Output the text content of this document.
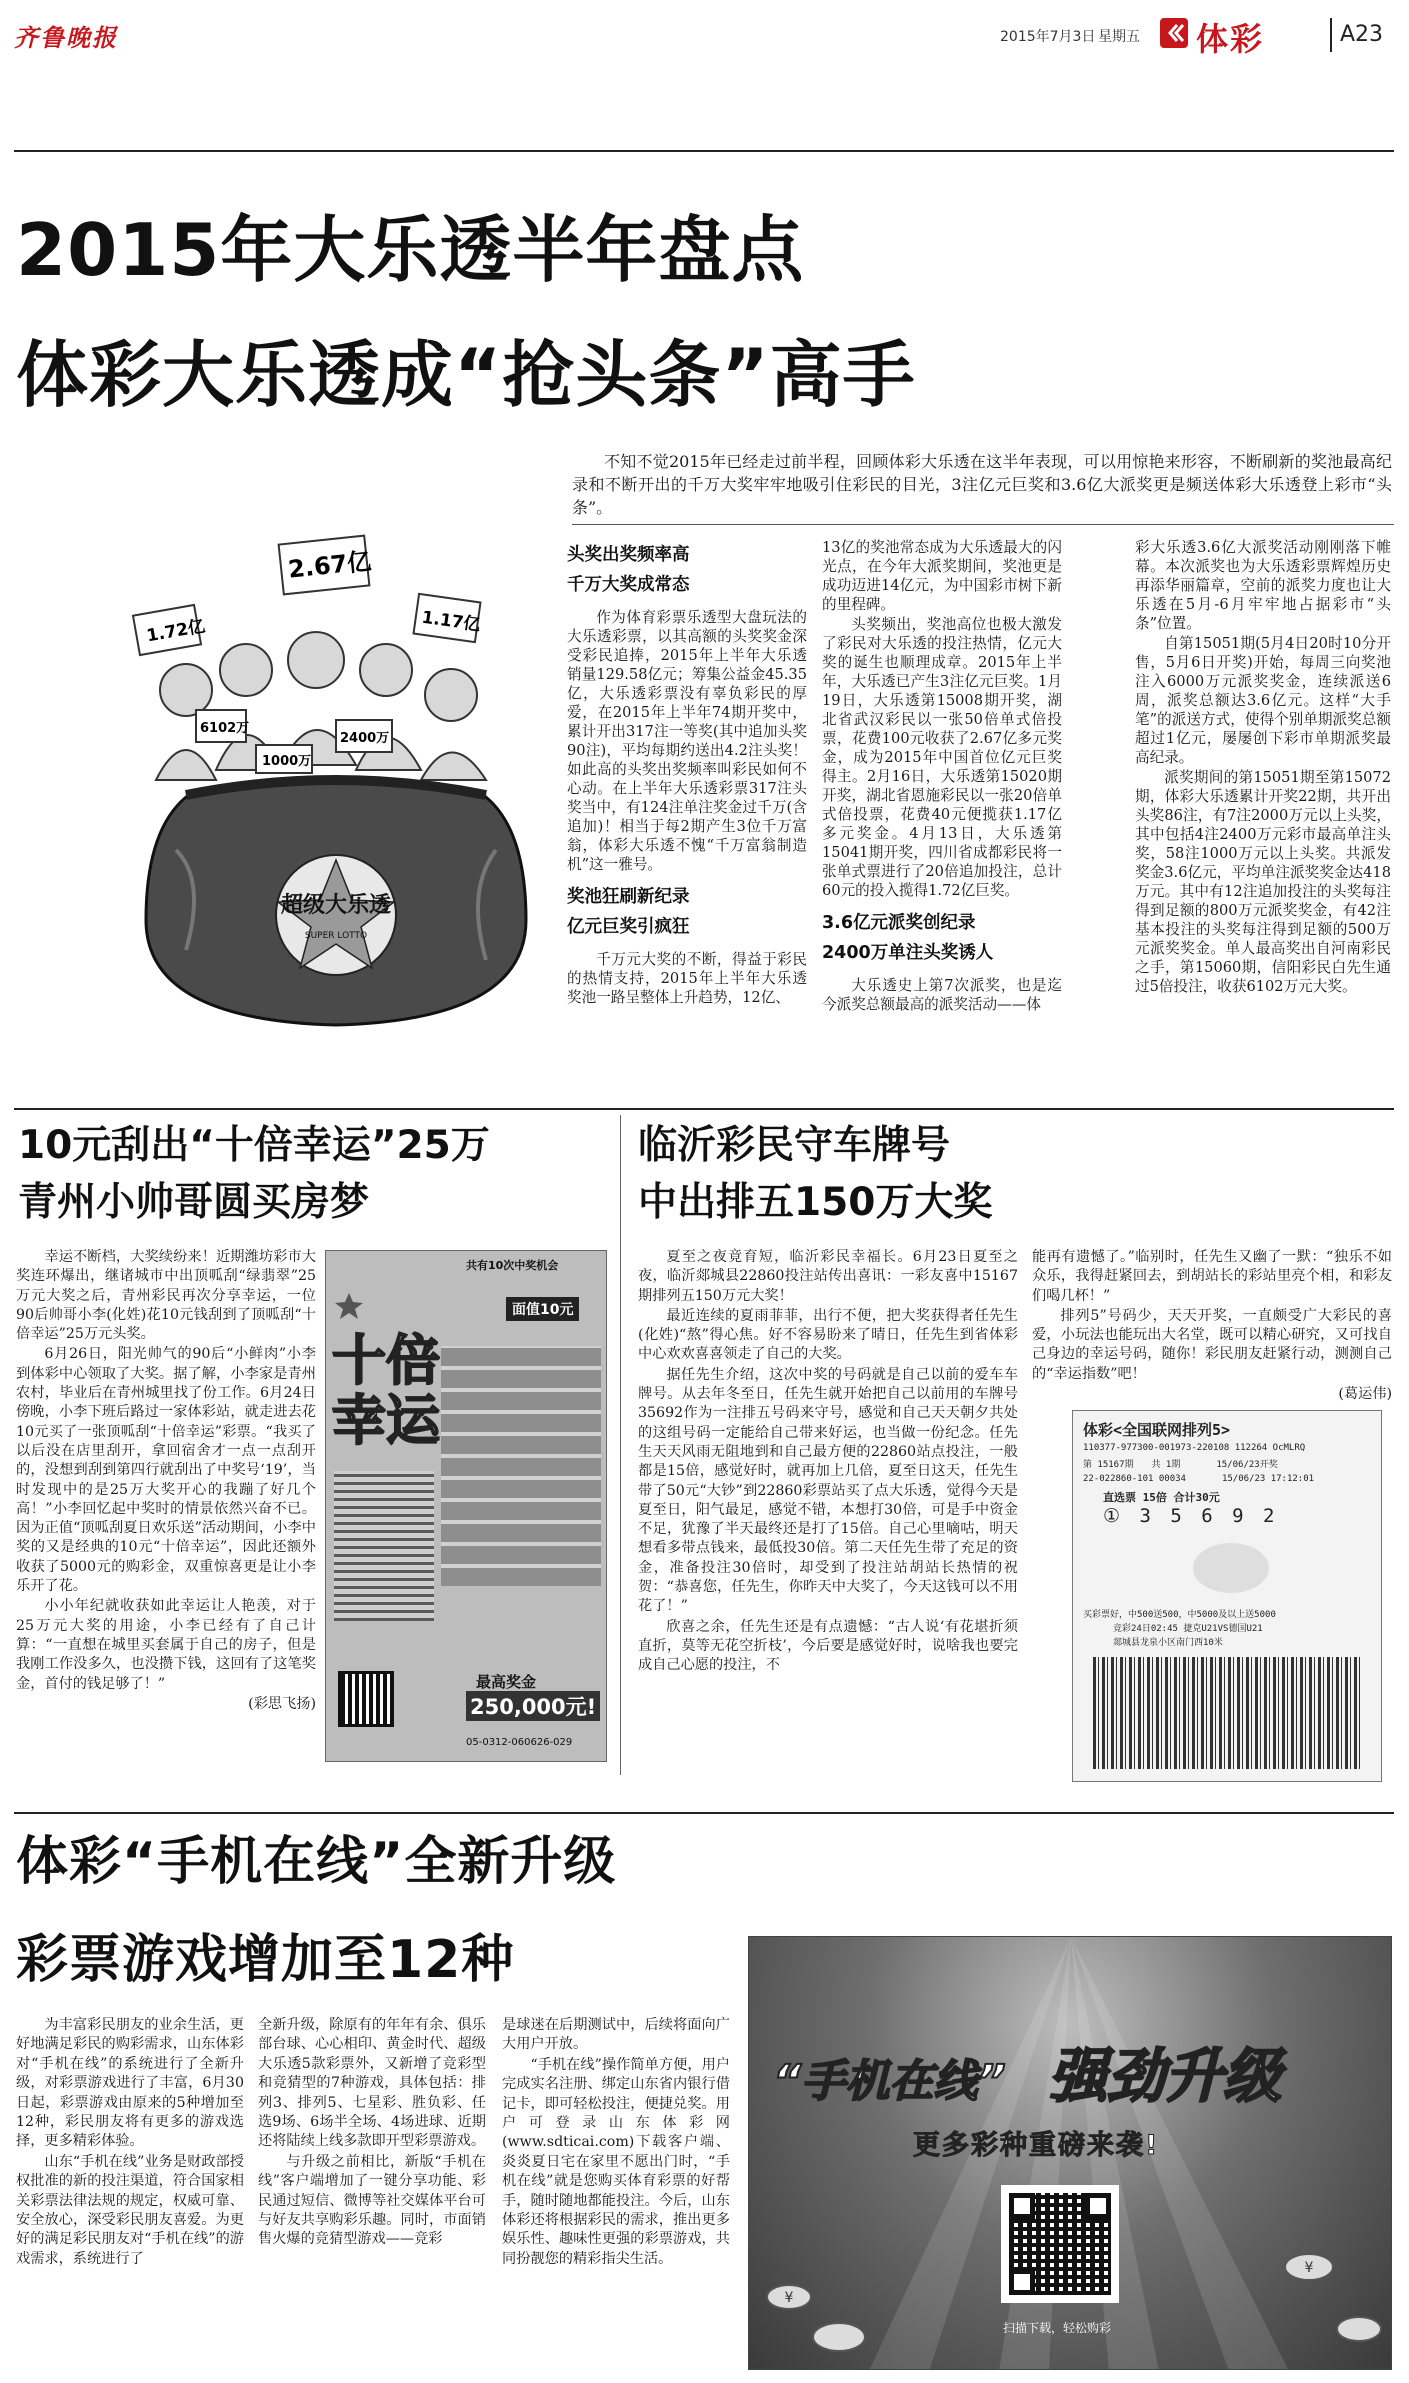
齐鲁晚报	2015年7月3日 星期五 体彩	A23
2015年大乐透半年盘点
体彩大乐透成“抢头条”高手

不知不觉2015年已经走过前半程，回顾体彩大乐透在这半年表现，可以用惊艳来形容，不断刷新的奖池最高纪录和不断开出的千万大奖牢牢地吸引住彩民的目光，3注亿元巨奖和3.6亿大派奖更是频送体彩大乐透登上彩市“头条”。

1.72亿
2.67亿
1.17亿
6102万
2400万
1000万
超级大乐透
SUPER LOTTO
头奖出奖频率高
千万大奖成常态

作为体育彩票乐透型大盘玩法的大乐透彩票，以其高额的头奖奖金深受彩民追捧，2015年上半年大乐透销量129.58亿元；筹集公益金45.35亿，大乐透彩票没有辜负彩民的厚爱，在2015年上半年74期开奖中，累计开出317注一等奖(其中追加头奖90注)，平均每期约送出4.2注头奖！如此高的头奖出奖频率叫彩民如何不心动。在上半年大乐透彩票317注头奖当中，有124注单注奖金过千万(含追加)！相当于每2期产生3位千万富翁，体彩大乐透不愧“千万富翁制造机”这一雅号。

奖池狂刷新纪录
亿元巨奖引疯狂

千万元大奖的不断，得益于彩民的热情支持，2015年上半年大乐透奖池一路呈整体上升趋势，12亿、

13亿的奖池常态成为大乐透最大的闪光点，在今年大派奖期间，奖池更是成功迈进14亿元，为中国彩市树下新的里程碑。

头奖频出，奖池高位也极大激发了彩民对大乐透的投注热情，亿元大奖的诞生也顺理成章。2015年上半年，大乐透已产生3注亿元巨奖。1月19日，大乐透第15008期开奖，湖北省武汉彩民以一张50倍单式倍投票，花费100元收获了2.67亿多元奖金，成为2015年中国首位亿元巨奖得主。2月16日，大乐透第15020期开奖，湖北省恩施彩民以一张20倍单式倍投票，花费40元便揽获1.17亿多元奖金。4月13日，大乐透第15041期开奖，四川省成都彩民将一张单式票进行了20倍追加投注，总计60元的投入揽得1.72亿巨奖。

3.6亿元派奖创纪录
2400万单注头奖诱人

大乐透史上第7次派奖，也是迄今派奖总额最高的派奖活动——体

彩大乐透3.6亿大派奖活动刚刚落下帷幕。本次派奖也为大乐透彩票辉煌历史再添华丽篇章，空前的派奖力度也让大乐透在5月-6月牢牢地占据彩市“头条”位置。

自第15051期(5月4日20时10分开售，5月6日开奖)开始，每周三向奖池注入6000万元派奖奖金，连续派送6周，派奖总额达3.6亿元。这样“大手笔”的派送方式，使得个别单期派奖总额超过1亿元，屡屡创下彩市单期派奖最高纪录。

派奖期间的第15051期至第15072期，体彩大乐透累计开奖22期，共开出头奖86注，有7注2000万元以上头奖，其中包括4注2400万元彩市最高单注头奖，58注1000万元以上头奖。共派发奖金3.6亿元，平均单注派奖奖金达418万元。其中有12注追加投注的头奖每注得到足额的800万元派奖奖金，有42注基本投注的头奖每注得到足额的500万元派奖奖金。单人最高奖出自河南彩民之手，第15060期，信阳彩民白先生通过5倍投注，收获6102万元大奖。

10元刮出“十倍幸运”25万
青州小帅哥圆买房梦

幸运不断档，大奖续纷来！近期潍坊彩市大奖连环爆出，继诸城市中出顶呱刮“绿翡翠”25万元大奖之后，青州彩民再次分享幸运，一位90后帅哥小李(化姓)花10元钱刮到了顶呱刮“十倍幸运”25万元头奖。

6月26日，阳光帅气的90后“小鲜肉”小李到体彩中心领取了大奖。据了解，小李家是青州农村，毕业后在青州城里找了份工作。6月24日傍晚，小李下班后路过一家体彩站，就走进去花10元买了一张顶呱刮“十倍幸运”彩票。“我买了以后没在店里刮开，拿回宿舍才一点一点刮开的，没想到刮到第四行就刮出了中奖号‘19’，当时发现中的是25万大奖开心的我蹦了好几个高！”小李回忆起中奖时的情景依然兴奋不已。因为正值“顶呱刮夏日欢乐送”活动期间，小李中奖的又是经典的10元“十倍幸运”，因此还额外收获了5000元的购彩金，双重惊喜更是让小李乐开了花。

小小年纪就收获如此幸运让人艳羡，对于25万元大奖的用途，小李已经有了自己计算：“一直想在城里买套属于自己的房子，但是我刚工作没多久，也没攒下钱，这回有了这笔奖金，首付的钱足够了！”

(彩思飞扬)
共有10次中奖机会
面值10元
十倍幸运
最高奖金
250,000元!
05-0312-060626-029
临沂彩民守车牌号
中出排五150万大奖

夏至之夜竟育短，临沂彩民幸福长。6月23日夏至之夜，临沂郯城县22860投注站传出喜讯：一彩友喜中15167期排列五150万元大奖！

最近连续的夏雨菲菲，出行不便，把大奖获得者任先生(化姓)“熬”得心焦。好不容易盼来了晴日，任先生到省体彩中心欢欢喜喜领走了自己的大奖。

据任先生介绍，这次中奖的号码就是自己以前的爱车车牌号。从去年冬至日，任先生就开始把自己以前用的车牌号35692作为一注排五号码来守号，感觉和自己天天朝夕共处的这组号码一定能给自己带来好运，也当做一份纪念。任先生天天风雨无阻地到和自己最方便的22860站点投注，一般都是15倍，感觉好时，就再加上几倍，夏至日这天，任先生带了50元“大钞”到22860彩票站买了点大乐透，觉得今天是夏至日，阳气最足，感觉不错，本想打30倍，可是手中资金不足，犹豫了半天最终还是打了15倍。自己心里嘀咕，明天想看多带点钱来，最低投30倍。第二天任先生带了充足的资金，准备投注30倍时，却受到了投注站胡站长热情的祝贺：“恭喜您，任先生，你昨天中大奖了，今天这钱可以不用花了！”

欣喜之余，任先生还是有点遗憾：“古人说‘有花堪折须直折，莫等无花空折枝’，今后要是感觉好时，说啥我也要完成自己心愿的投注，不

能再有遗憾了。”临别时，任先生又幽了一默：“独乐不如众乐，我得赶紧回去，到胡站长的彩站里亮个相，和彩友们喝几杯！”

排列5”号码少，天天开奖，一直颇受广大彩民的喜爱，小玩法也能玩出大名堂，既可以精心研究，又可找自己身边的幸运号码，随你！彩民朋友赶紧行动，测测自己的“幸运指数”吧！

(葛运伟)
体彩<全国联网排列5>
110377-977300-001973-220108 112264 OcMLRQ
第 15167期　　共 1期　　　　15/06/23开奖
22-022860-101 00034　　　　15/06/23 17:12:01
直选票 15倍 合计30元
① 3 5 6 9 2
买彩票好，中500送500，中5000及以上送5000
竞彩24日02:45 捷克U21VS德国U21
郯城县龙泉小区南门西10米
体彩“手机在线”全新升级
彩票游戏增加至12种

为丰富彩民朋友的业余生活，更好地满足彩民的购彩需求，山东体彩对“手机在线”的系统进行了全新升级，对彩票游戏进行了丰富，6月30日起，彩票游戏由原来的5种增加至12种，彩民朋友将有更多的游戏选择，更多精彩体验。

山东“手机在线”业务是财政部授权批准的新的投注渠道，符合国家相关彩票法律法规的规定，权威可靠、安全放心，深受彩民朋友喜爱。为更好的满足彩民朋友对“手机在线”的游戏需求，系统进行了

全新升级，除原有的年年有余、俱乐部台球、心心相印、黄金时代、超级大乐透5款彩票外，又新增了竞彩型和竞猜型的7种游戏，具体包括：排列3、排列5、七星彩、胜负彩、任选9场、6场半全场、4场进球、近期还将陆续上线多款即开型彩票游戏。

与升级之前相比，新版“手机在线”客户端增加了一键分享功能、彩民通过短信、微博等社交媒体平台可与好友共享购彩乐趣。同时，市面销售火爆的竞猜型游戏——竞彩

是球迷在后期测试中，后续将面向广大用户开放。

“手机在线”操作简单方便，用户完成实名注册、绑定山东省内银行借记卡，即可轻松投注，便捷兑奖。用户可登录山东体彩网(www.sdticai.com)下载客户端、炎炎夏日宅在家里不愿出门时，“手机在线”就是您购买体育彩票的好帮手，随时随地都能投注。今后，山东体彩还将根据彩民的需求，推出更多娱乐性、趣味性更强的彩票游戏，共同扮靓您的精彩指尖生活。

¥
¥
“手机在线” 强劲升级
更多彩种重磅来袭!
扫描下载，轻松购彩
